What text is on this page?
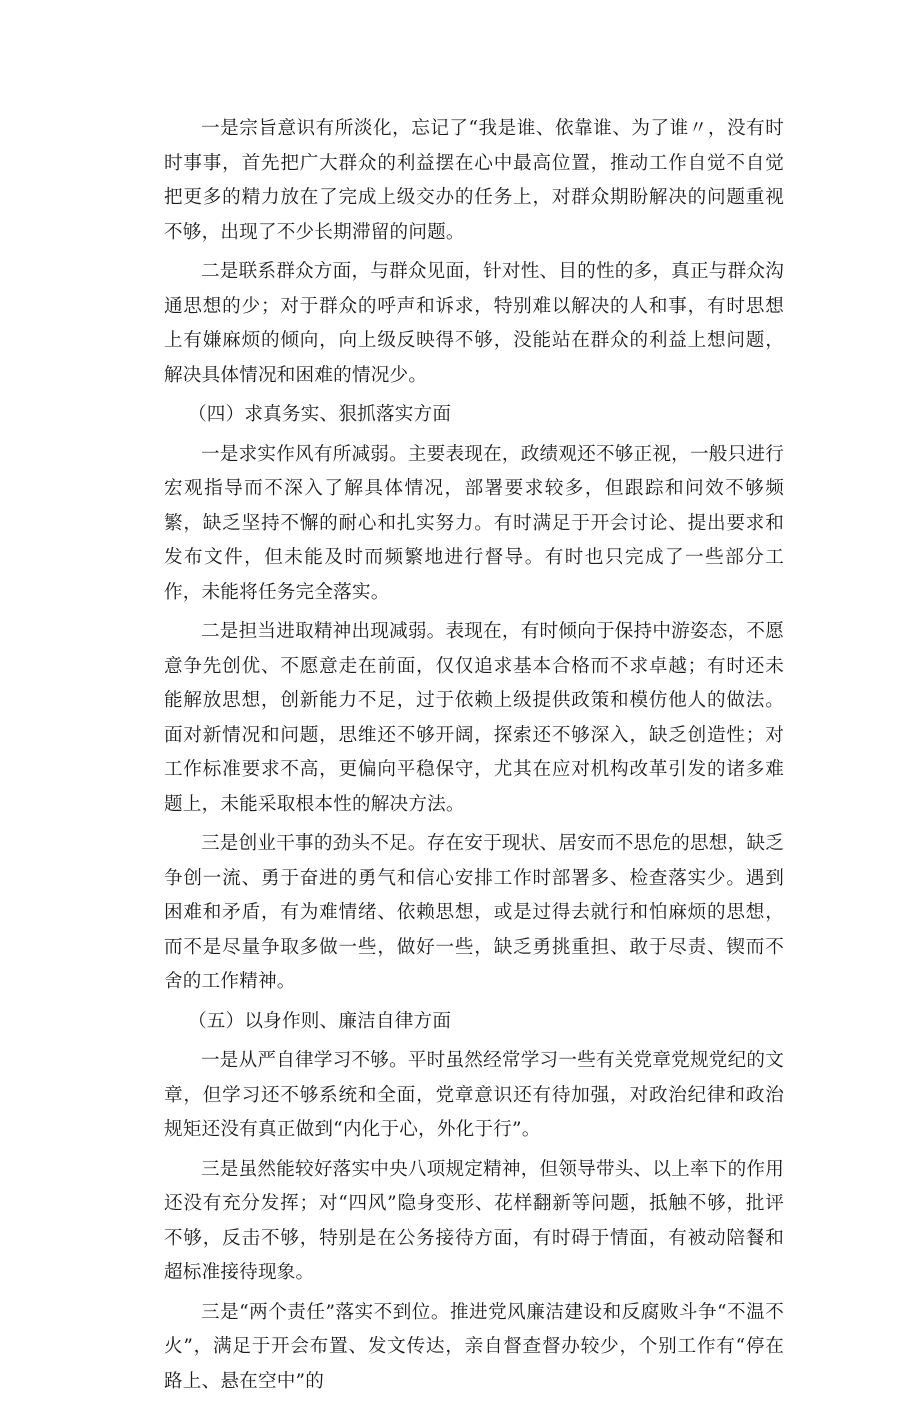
一是宗旨意识有所淡化，忘记了“我是谁、依靠谁、为了谁〃，没有时时事事，首先把广大群众的利益摆在心中最高位置，推动工作自觉不自觉把更多的精力放在了完成上级交办的任务上，对群众期盼解决的问题重视不够，出现了不少长期滞留的问题。

二是联系群众方面，与群众见面，针对性、目的性的多，真正与群众沟通思想的少；对于群众的呼声和诉求，特别难以解决的人和事，有时思想上有嫌麻烦的倾向，向上级反映得不够，没能站在群众的利益上想问题，解决具体情况和困难的情况少。

（四）求真务实、狠抓落实方面

一是求实作风有所减弱。主要表现在，政绩观还不够正视，一般只进行宏观指导而不深入了解具体情况，部署要求较多，但跟踪和问效不够频繁，缺乏坚持不懈的耐心和扎实努力。有时满足于开会讨论、提出要求和发布文件，但未能及时而频繁地进行督导。有时也只完成了一些部分工作，未能将任务完全落实。

二是担当进取精神出现减弱。表现在，有时倾向于保持中游姿态，不愿意争先创优、不愿意走在前面，仅仅追求基本合格而不求卓越；有时还未能解放思想，创新能力不足，过于依赖上级提供政策和模仿他人的做法。面对新情况和问题，思维还不够开阔，探索还不够深入，缺乏创造性；对工作标准要求不高，更偏向平稳保守，尤其在应对机构改革引发的诸多难题上，未能采取根本性的解决方法。

三是创业干事的劲头不足。存在安于现状、居安而不思危的思想，缺乏争创一流、勇于奋进的勇气和信心安排工作时部署多、检查落实少。遇到困难和矛盾，有为难情绪、依赖思想，或是过得去就行和怕麻烦的思想，而不是尽量争取多做一些，做好一些，缺乏勇挑重担、敢于尽责、锲而不舍的工作精神。

（五）以身作则、廉洁自律方面

一是从严自律学习不够。平时虽然经常学习一些有关党章党规党纪的文章，但学习还不够系统和全面，党章意识还有待加强，对政治纪律和政治规矩还没有真正做到“内化于心，外化于行”。

三是虽然能较好落实中央八项规定精神，但领导带头、以上率下的作用还没有充分发挥；对“四风”隐身变形、花样翻新等问题，抵触不够，批评不够，反击不够，特别是在公务接待方面，有时碍于情面，有被动陪餐和超标准接待现象。

三是“两个责任”落实不到位。推进党风廉洁建设和反腐败斗争“不温不火”，满足于开会布置、发文传达，亲自督查督办较少，个别工作有“停在路上、悬在空中”的
